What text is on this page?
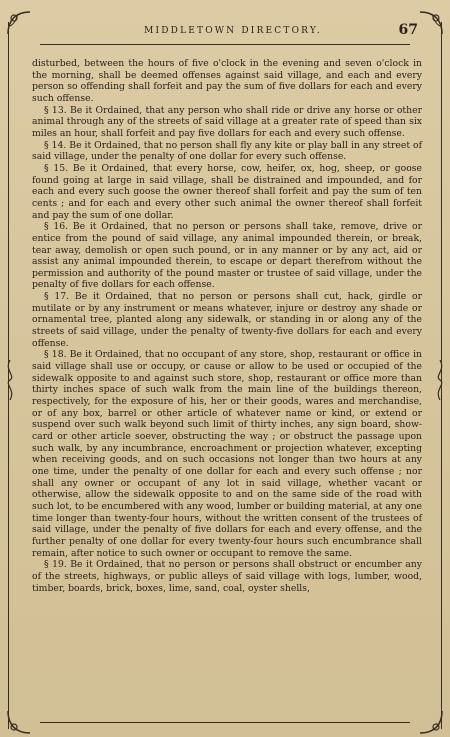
MIDDLETOWN DIRECTORY.	67

disturbed, between the hours of five o'clock in the evening and seven o'clock in the morning, shall be deemed offenses against said village, and each and every person so offending shall forfeit and pay the sum of five dollars for each and every such offense.

§ 13. Be it Ordained, that any person who shall ride or drive any horse or other animal through any of the streets of said village at a greater rate of speed than six miles an hour, shall forfeit and pay five dollars for each and every such offense.

§ 14. Be it Ordained, that no person shall fly any kite or play ball in any street of said village, under the penalty of one dollar for every such offense.

§ 15. Be it Ordained, that every horse, cow, heifer, ox, hog, sheep, or goose found going at large in said village, shall be distrained and impounded, and for each and every such goose the owner thereof shall forfeit and pay the sum of ten cents ; and for each and every other such animal the owner thereof shall forfeit and pay the sum of one dollar.

§ 16. Be it Ordained, that no person or persons shall take, remove, drive or entice from the pound of said village, any animal impounded therein, or break, tear away, demolish or open such pound, or in any manner or by any act, aid or assist any animal impounded therein, to escape or depart therefrom without the permission and authority of the pound master or trustee of said village, under the penalty of five dollars for each offense.

§ 17. Be it Ordained, that no person or persons shall cut, hack, girdle or mutilate or by any instrument or means whatever, injure or destroy any shade or ornamental tree, planted along any sidewalk, or standing in or along any of the streets of said village, under the penalty of twenty-five dollars for each and every offense.

§ 18. Be it Ordained, that no occupant of any store, shop, restaurant or office in said village shall use or occupy, or cause or allow to be used or occupied of the sidewalk opposite to and against such store, shop, restaurant or office more than thirty inches space of such walk from the main line of the buildings thereon, respectively, for the exposure of his, her or their goods, wares and merchandise, or of any box, barrel or other article of whatever name or kind, or extend or suspend over such walk beyond such limit of thirty inches, any sign board, show-card or other article soever, obstructing the way ; or obstruct the passage upon such walk, by any incumbrance, encroachment or projection whatever, excepting when receiving goods, and on such occasions not longer than two hours at any one time, under the penalty of one dollar for each and every such offense ; nor shall any owner or occupant of any lot in said village, whether vacant or otherwise, allow the sidewalk opposite to and on the same side of the road with such lot, to be encumbered with any wood, lumber or building material, at any one time longer than twenty-four hours, without the written consent of the trustees of said village, under the penalty of five dollars for each and every offense, and the further penalty of one dollar for every twenty-four hours such encumbrance shall remain, after notice to such owner or occupant to remove the same.

§ 19. Be it Ordained, that no person or persons shall obstruct or encumber any of the streets, highways, or public alleys of said village with logs, lumber, wood, timber, boards, brick, boxes, lime, sand, coal, oyster shells,
